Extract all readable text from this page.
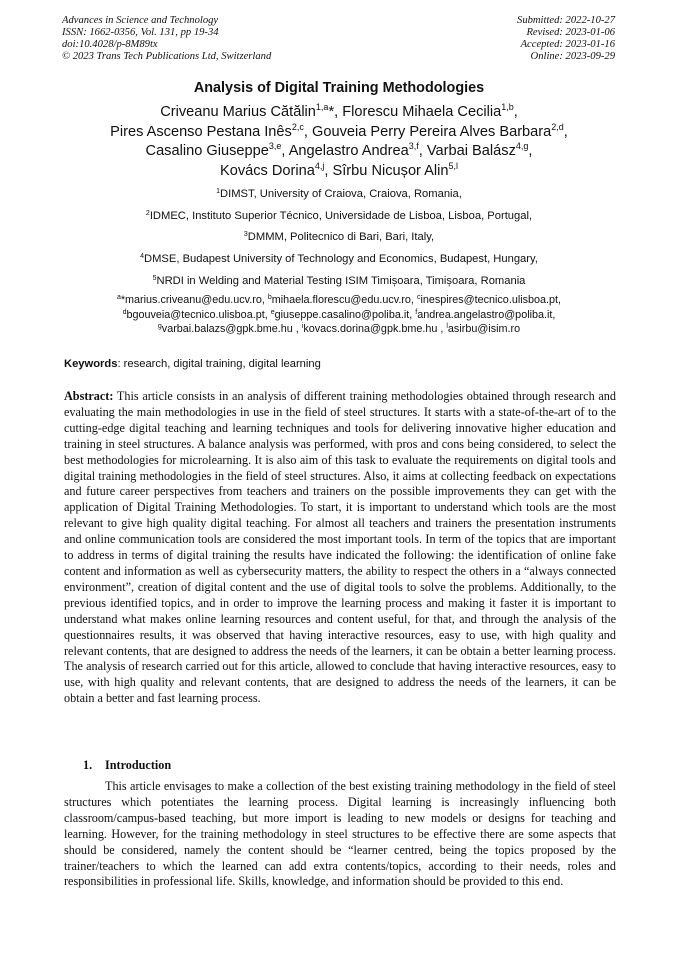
Advances in Science and Technology
ISSN: 1662-0356, Vol. 131, pp 19-34
doi:10.4028/p-8M89tx
© 2023 Trans Tech Publications Ltd, Switzerland
Submitted: 2022-10-27
Revised: 2023-01-06
Accepted: 2023-01-16
Online: 2023-09-29
Analysis of Digital Training Methodologies
Criveanu Marius Cătălin$^{1,a}$*, Florescu Mihaela Cecilia$^{1,b}$,
Pires Ascenso Pestana Inês$^{2,c}$, Gouveia Perry Pereira Alves Barbara$^{2,d}$,
Casalino Giuseppe$^{3,e}$, Angelastro Andrea$^{3,f}$, Varbai Balász$^{4,g}$,
Kovács Dorina$^{4,j}$, Sîrbu Nicușor Alin$^{5,l}$
$^1$DIMST, University of Craiova, Craiova, Romania,
$^2$IDMEC, Instituto Superior Técnico, Universidade de Lisboa, Lisboa, Portugal,
$^3$DMMM, Politecnico di Bari, Bari, Italy,
$^4$DMSE, Budapest University of Technology and Economics, Budapest, Hungary,
$^5$NRDI in Welding and Material Testing ISIM Timișoara, Timișoara, Romania
$^a$*marius.criveanu@edu.ucv.ro, $^b$mihaela.florescu@edu.ucv.ro, $^c$inespires@tecnico.ulisboa.pt,
$^d$bgouveia@tecnico.ulisboa.pt, $^e$giuseppe.casalino@poliba.it, $^f$andrea.angelastro@poliba.it,
$^g$varbai.balazs@gpk.bme.hu , $^i$kovacs.dorina@gpk.bme.hu , $^l$asirbu@isim.ro
Keywords: research, digital training, digital learning
Abstract: This article consists in an analysis of different training methodologies obtained through research and evaluating the main methodologies in use in the field of steel structures. It starts with a state-of-the-art of to the cutting-edge digital teaching and learning techniques and tools for delivering innovative higher education and training in steel structures. A balance analysis was performed, with pros and cons being considered, to select the best methodologies for microlearning. It is also aim of this task to evaluate the requirements on digital tools and digital training methodologies in the field of steel structures. Also, it aims at collecting feedback on expectations and future career perspectives from teachers and trainers on the possible improvements they can get with the application of Digital Training Methodologies. To start, it is important to understand which tools are the most relevant to give high quality digital teaching. For almost all teachers and trainers the presentation instruments and online communication tools are considered the most important tools. In term of the topics that are important to address in terms of digital training the results have indicated the following: the identification of online fake content and information as well as cybersecurity matters, the ability to respect the others in a “always connected environment”, creation of digital content and the use of digital tools to solve the problems. Additionally, to the previous identified topics, and in order to improve the learning process and making it faster it is important to understand what makes online learning resources and content useful, for that, and through the analysis of the questionnaires results, it was observed that having interactive resources, easy to use, with high quality and relevant contents, that are designed to address the needs of the learners, it can be obtain a better learning process. The analysis of research carried out for this article, allowed to conclude that having interactive resources, easy to use, with high quality and relevant contents, that are designed to address the needs of the learners, it can be obtain a better and fast learning process.
1. Introduction
This article envisages to make a collection of the best existing training methodology in the field of steel structures which potentiates the learning process. Digital learning is increasingly influencing both classroom/campus-based teaching, but more import is leading to new models or designs for teaching and learning. However, for the training methodology in steel structures to be effective there are some aspects that should be considered, namely the content should be “learner centred, being the topics proposed by the trainer/teachers to which the learned can add extra contents/topics, according to their needs, roles and responsibilities in professional life. Skills, knowledge, and information should be provided to this end.
